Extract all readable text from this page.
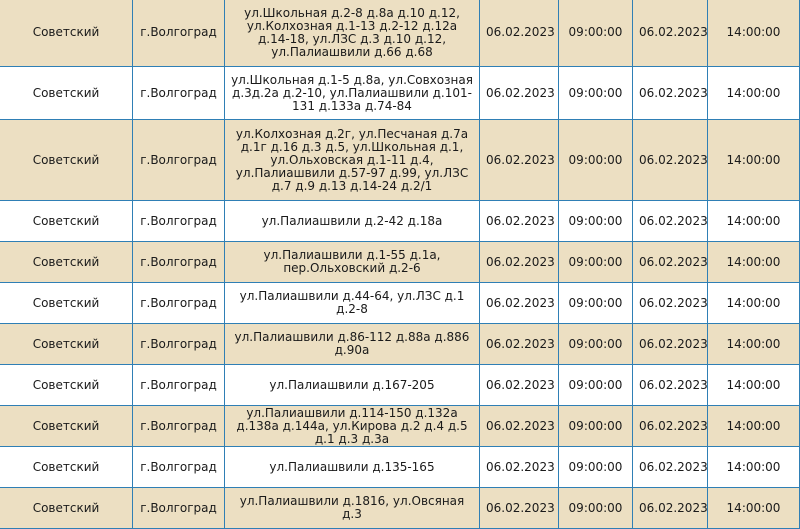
Советский	г.Волгоград	ул.Школьная д.2-8 д.8а д.10 д.12, ул.Колхозная д.1-13 д.2-12 д.12а д.14-18, ул.ЛЗС д.3 д.10 д.12, ул.Палиашвили д.66 д.68	06.02.2023	09:00:00	06.02.2023	14:00:00
Советский	г.Волгоград	ул.Школьная д.1-5 д.8а, ул.Совхозная д.3д.2а д.2-10, ул.Палиашвили д.101-131 д.133а д.74-84	06.02.2023	09:00:00	06.02.2023	14:00:00
Советский	г.Волгоград	ул.Колхозная д.2г, ул.Песчаная д.7а д.1г д.16 д.3 д.5, ул.Школьная д.1, ул.Ольховская д.1-11 д.4, ул.Палиашвили д.57-97 д.99, ул.ЛЗС д.7 д.9 д.13 д.14-24 д.2/1	06.02.2023	09:00:00	06.02.2023	14:00:00
Советский	г.Волгоград	ул.Палиашвили д.2-42 д.18а	06.02.2023	09:00:00	06.02.2023	14:00:00
Советский	г.Волгоград	ул.Палиашвили д.1-55 д.1а, пер.Ольховский д.2-6	06.02.2023	09:00:00	06.02.2023	14:00:00
Советский	г.Волгоград	ул.Палиашвили д.44-64, ул.ЛЗС д.1 д.2-8	06.02.2023	09:00:00	06.02.2023	14:00:00
Советский	г.Волгоград	ул.Палиашвили д.86-112 д.88а д.886 д.90а	06.02.2023	09:00:00	06.02.2023	14:00:00
Советский	г.Волгоград	ул.Палиашвили д.167-205	06.02.2023	09:00:00	06.02.2023	14:00:00
Советский	г.Волгоград	ул.Палиашвили д.114-150 д.132а д.138а д.144а, ул.Кирова д.2 д.4 д.5 д.1 д.3 д.3а	06.02.2023	09:00:00	06.02.2023	14:00:00
Советский	г.Волгоград	ул.Палиашвили д.135-165	06.02.2023	09:00:00	06.02.2023	14:00:00
Советский	г.Волгоград	ул.Палиашвили д.1816, ул.Овсяная д.3	06.02.2023	09:00:00	06.02.2023	14:00:00
